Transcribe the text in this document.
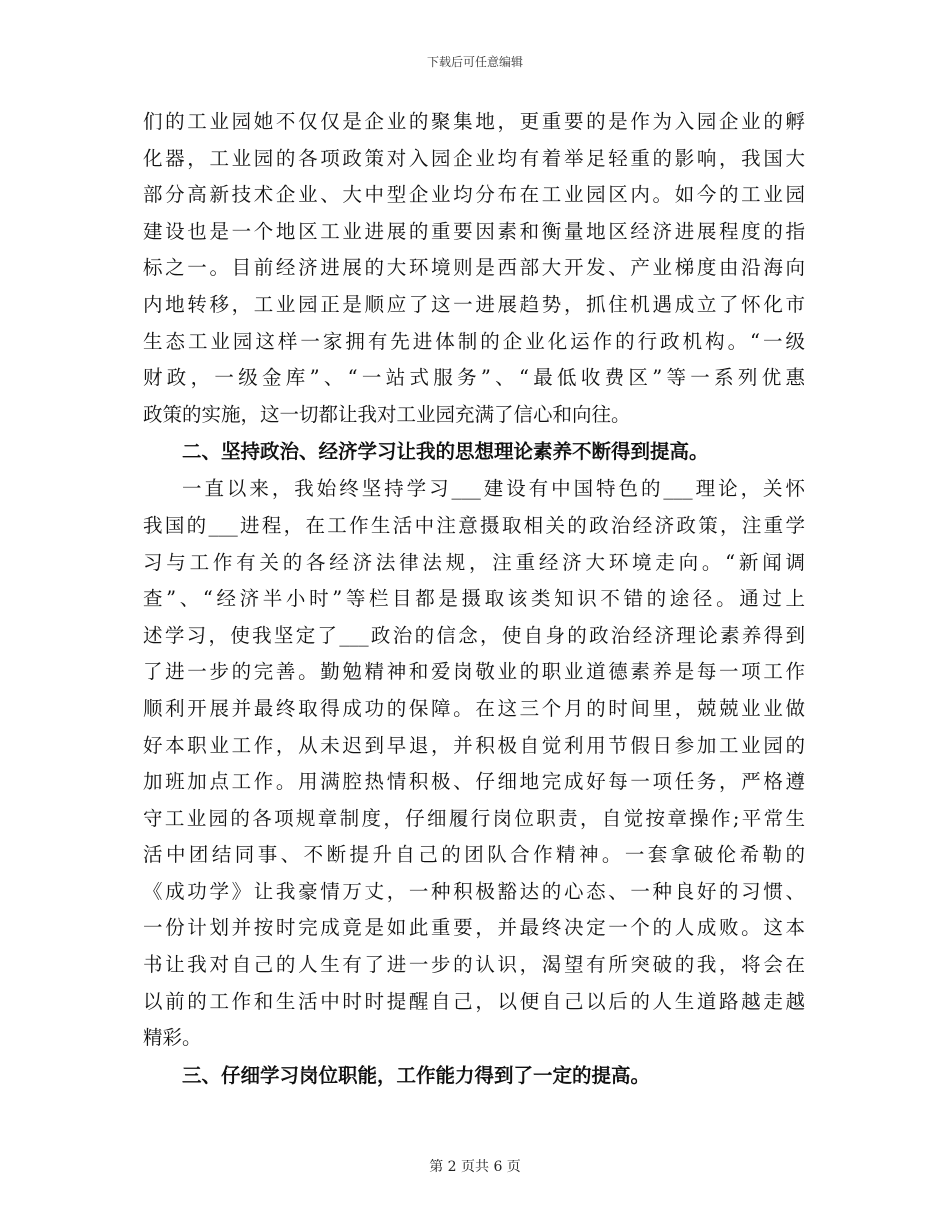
下载后可任意编辑
们的工业园她不仅仅是企业的聚集地，更重要的是作为入园企业的孵
化器，工业园的各项政策对入园企业均有着举足轻重的影响，我国大
部分高新技术企业、大中型企业均分布在工业园区内。如今的工业园
建设也是一个地区工业进展的重要因素和衡量地区经济进展程度的指
标之一。目前经济进展的大环境则是西部大开发、产业梯度由沿海向
内地转移，工业园正是顺应了这一进展趋势，抓住机遇成立了怀化市
生态工业园这样一家拥有先进体制的企业化运作的行政机构。“一级
财政，一级金库”、“一站式服务”、“最低收费区”等一系列优惠
政策的实施，这一切都让我对工业园充满了信心和向往。
二、坚持政治、经济学习让我的思想理论素养不断得到提高。
一直以来，我始终坚持学习___建设有中国特色的___理论，关怀
我国的___进程，在工作生活中注意摄取相关的政治经济政策，注重学
习与工作有关的各经济法律法规，注重经济大环境走向。“新闻调
查”、“经济半小时”等栏目都是摄取该类知识不错的途径。通过上
述学习，使我坚定了___政治的信念，使自身的政治经济理论素养得到
了进一步的完善。勤勉精神和爱岗敬业的职业道德素养是每一项工作
顺利开展并最终取得成功的保障。在这三个月的时间里，兢兢业业做
好本职业工作，从未迟到早退，并积极自觉利用节假日参加工业园的
加班加点工作。用满腔热情积极、仔细地完成好每一项任务，严格遵
守工业园的各项规章制度，仔细履行岗位职责，自觉按章操作;平常生
活中团结同事、不断提升自己的团队合作精神。一套拿破伦希勒的
《成功学》让我豪情万丈，一种积极豁达的心态、一种良好的习惯、
一份计划并按时完成竟是如此重要，并最终决定一个的人成败。这本
书让我对自己的人生有了进一步的认识，渴望有所突破的我，将会在
以前的工作和生活中时时提醒自己，以便自己以后的人生道路越走越
精彩。
三、仔细学习岗位职能，工作能力得到了一定的提高。
第 2 页共 6 页
